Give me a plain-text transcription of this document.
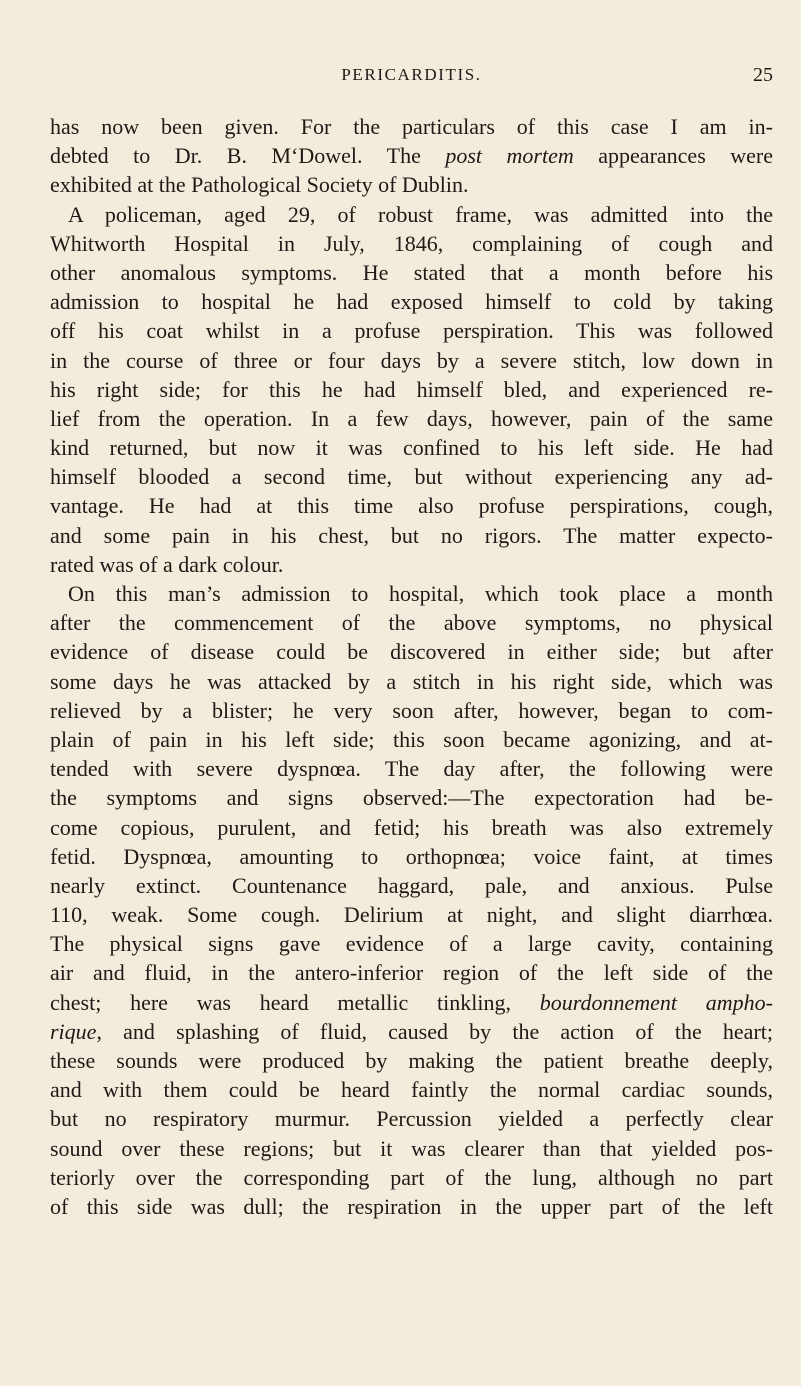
PERICARDITIS.	25
has now been given. For the particulars of this case I am in-
debted to Dr. B. M‘Dowel. The post mortem appearances were
exhibited at the Pathological Society of Dublin.
A policeman, aged 29, of robust frame, was admitted into the
Whitworth Hospital in July, 1846, complaining of cough and
other anomalous symptoms. He stated that a month before his
admission to hospital he had exposed himself to cold by taking
off his coat whilst in a profuse perspiration. This was followed
in the course of three or four days by a severe stitch, low down in
his right side; for this he had himself bled, and experienced re-
lief from the operation. In a few days, however, pain of the same
kind returned, but now it was confined to his left side. He had
himself blooded a second time, but without experiencing any ad-
vantage. He had at this time also profuse perspirations, cough,
and some pain in his chest, but no rigors. The matter expecto-
rated was of a dark colour.
On this man’s admission to hospital, which took place a month
after the commencement of the above symptoms, no physical
evidence of disease could be discovered in either side; but after
some days he was attacked by a stitch in his right side, which was
relieved by a blister; he very soon after, however, began to com-
plain of pain in his left side; this soon became agonizing, and at-
tended with severe dyspnœa. The day after, the following were
the symptoms and signs observed:—The expectoration had be-
come copious, purulent, and fetid; his breath was also extremely
fetid. Dyspnœa, amounting to orthopnœa; voice faint, at times
nearly extinct. Countenance haggard, pale, and anxious. Pulse
110, weak. Some cough. Delirium at night, and slight diarrhœa.
The physical signs gave evidence of a large cavity, containing
air and fluid, in the antero-inferior region of the left side of the
chest; here was heard metallic tinkling, bourdonnement ampho-
rique, and splashing of fluid, caused by the action of the heart;
these sounds were produced by making the patient breathe deeply,
and with them could be heard faintly the normal cardiac sounds,
but no respiratory murmur. Percussion yielded a perfectly clear
sound over these regions; but it was clearer than that yielded pos-
teriorly over the corresponding part of the lung, although no part
of this side was dull; the respiration in the upper part of the left
